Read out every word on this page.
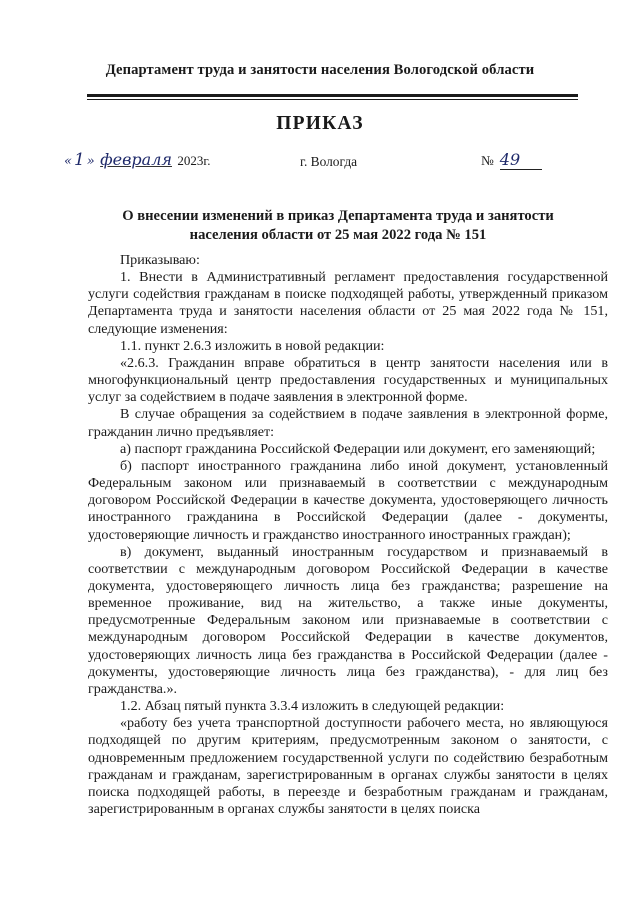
Департамент труда и занятости населения Вологодской области
ПРИКАЗ
« 1 » февраля 2023г.	г. Вологда	№ 49
О внесении изменений в приказ Департамента труда и занятости населения области от 25 мая 2022 года № 151

Приказываю:

1. Внести в Административный регламент предоставления государственной услуги содействия гражданам в поиске подходящей работы, утвержденный приказом Департамента труда и занятости населения области от 25 мая 2022 года № 151, следующие изменения:

1.1. пункт 2.6.3 изложить в новой редакции:

«2.6.3. Гражданин вправе обратиться в центр занятости населения или в многофункциональный центр предоставления государственных и муниципальных услуг за содействием в подаче заявления в электронной форме.

В случае обращения за содействием в подаче заявления в электронной форме, гражданин лично предъявляет:

а) паспорт гражданина Российской Федерации или документ, его заменяющий;

б) паспорт иностранного гражданина либо иной документ, установленный Федеральным законом или признаваемый в соответствии с международным договором Российской Федерации в качестве документа, удостоверяющего личность иностранного гражданина в Российской Федерации (далее - документы, удостоверяющие личность и гражданство иностранного иностранных граждан);

в) документ, выданный иностранным государством и признаваемый в соответствии с международным договором Российской Федерации в качестве документа, удостоверяющего личность лица без гражданства; разрешение на временное проживание, вид на жительство, а также иные документы, предусмотренные Федеральным законом или признаваемые в соответствии с международным договором Российской Федерации в качестве документов, удостоверяющих личность лица без гражданства в Российской Федерации (далее - документы, удостоверяющие личность лица без гражданства), - для лиц без гражданства.».

1.2. Абзац пятый пункта 3.3.4 изложить в следующей редакции:

«работу без учета транспортной доступности рабочего места, но являющуюся подходящей по другим критериям, предусмотренным законом о занятости, с одновременным предложением государственной услуги по содействию безработным гражданам и гражданам, зарегистрированным в органах службы занятости в целях поиска подходящей работы, в переезде и безработным гражданам и гражданам, зарегистрированным в органах службы занятости в целях поиска
